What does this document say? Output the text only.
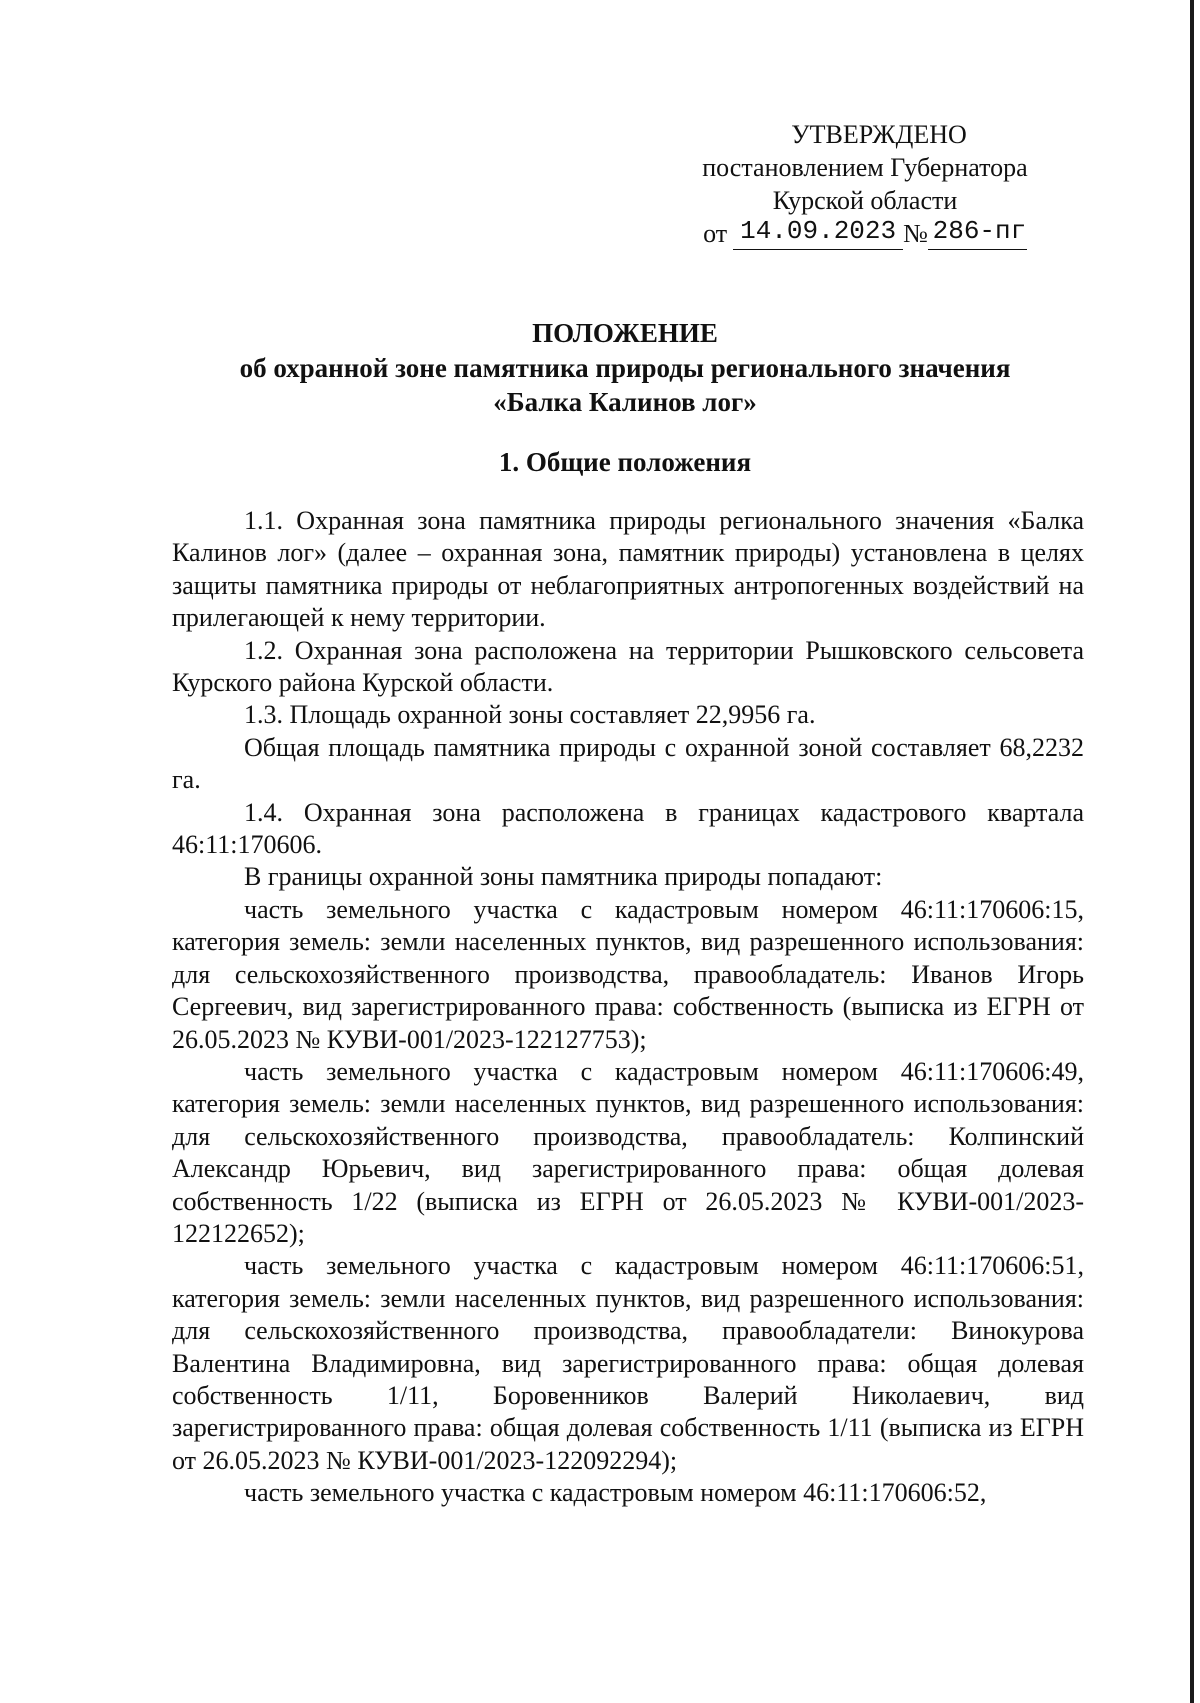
УТВЕРЖДЕНО
постановлением Губернатора
Курской области
от 14.09.2023 № 286-пг
ПОЛОЖЕНИЕ
об охранной зоне памятника природы регионального значения
«Балка Калинов лог»
1. Общие положения

1.1. Охранная зона памятника природы регионального значения «Балка Калинов лог» (далее – охранная зона, памятник природы) установлена в целях защиты памятника природы от неблагоприятных антропогенных воздействий на прилегающей к нему территории.

1.2. Охранная зона расположена на территории Рышковского сельсовета Курского района Курской области.

1.3. Площадь охранной зоны составляет 22,9956 га.

Общая площадь памятника природы с охранной зоной составляет 68,2232 га.

1.4. Охранная зона расположена в границах кадастрового квартала 46:11:170606.

В границы охранной зоны памятника природы попадают:

часть земельного участка с кадастровым номером 46:11:170606:15, категория земель: земли населенных пунктов, вид разрешенного использования: для сельскохозяйственного производства, правообладатель: Иванов Игорь Сергеевич, вид зарегистрированного права: собственность (выписка из ЕГРН от 26.05.2023 № КУВИ-001/2023-122127753);

часть земельного участка с кадастровым номером 46:11:170606:49, категория земель: земли населенных пунктов, вид разрешенного использования: для сельскохозяйственного производства, правообладатель: Колпинский Александр Юрьевич, вид зарегистрированного права: общая долевая собственность 1/22 (выписка из ЕГРН от 26.05.2023 № КУВИ-001/2023-122122652);

часть земельного участка с кадастровым номером 46:11:170606:51, категория земель: земли населенных пунктов, вид разрешенного использования: для сельскохозяйственного производства, правообладатели: Винокурова Валентина Владимировна, вид зарегистрированного права: общая долевая собственность 1/11, Боровенников Валерий Николаевич, вид зарегистрированного права: общая долевая собственность 1/11 (выписка из ЕГРН от 26.05.2023 № КУВИ-001/2023-122092294);

часть земельного участка с кадастровым номером 46:11:170606:52,
